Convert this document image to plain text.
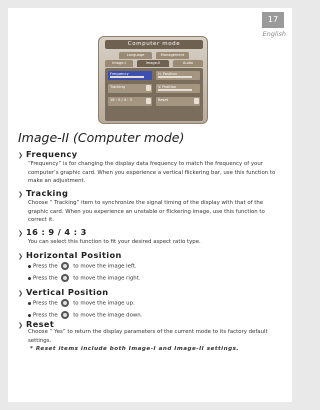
17
English
Computer mode
Language	Management
Image-I	Image-II	Audio
Frequency	H. Position
Tracking	V. Position
16 : 9 / 4 : 3	Reset
Image-II (Computer mode)
❯ Frequency
“Frequency” is for changing the display data frequency to match the frequency of your computer’s graphic card. When you experience a vertical flickering bar, use this function to make an adjustment.
❯ Tracking
Choose “ Tracking” item to synchronize the signal timing of the display with that of the graphic card. When you experience an unstable or flickering image, use this function to correct it.
❯ 16 : 9 / 4 : 3
You can select this function to fit your desired aspect ratio type.
❯ Horizontal Position
Press the	to move the image left.
Press the	to move the image right.
❯ Vertical Position
Press the	to move the image up.
Press the	to move the image down.
❯ Reset
Choose “ Yes” to return the display parameters of the current mode to its factory default settings.
* Reset items include both Image-I and Image-II settings.
